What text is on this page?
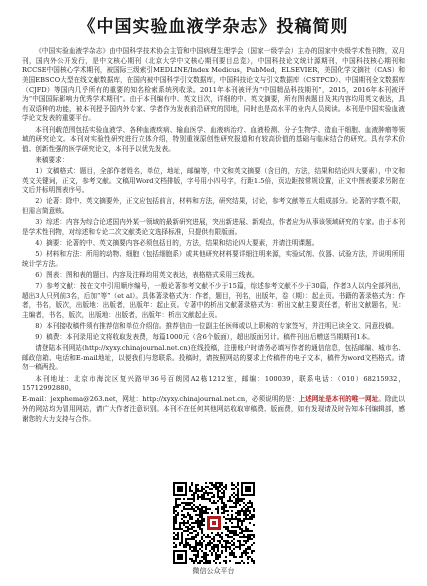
《中国实验血液学杂志》投稿简则

《中国实验血液学杂志》由中国科学技术协会主管和中国病理生理学会（国家一级学会）主办的国家中央级学术性刊物，双月刊，国内外公开发行，是中文核心期刊（北京大学中文核心期刊要目总览），中国科技论文统计源期刊，中国科技核心期刊和RCCSE中国核心学术期刊，被国际三级索引MEDLINE/Index Medicus，PubMed，ELSEVIER，美国化学文摘社（CAS）和美国EBSCO大型在线文献数据库，在国内被中国科学引文数据库，中国科技论文与引文数据库（CSTPCD）、中国期刊全文数据库（CJFD）等国内几乎所有的重要的知名检索系统列收录。2011年本刊被评为“中国精品科技期刊”，2015，2016年本刊被评为“中国国际影响力优秀学术期刊”。由于本刊编有中、英文目次，详细的中、英文摘要，所有图表题目及其内容均用英文表达，具有双语种的功能，被本刊授予国内外专家、学者作为发表前沿研究的园地，同时也是高水平的业内人员阅读。本刊是中国实验血液学论文发表的重要平台。

本刊刊载范围包括实验血液学、各种血液疾病、输血医学、血液病治疗、血液检测、分子生物学、造血干细胞、血液肿瘤等领域的研究论文。本刊对实验性研究进行立体介绍，特别重视原创性研究报道和有较高价值的基础与临床结合的研究。具有学术价值、创新性强的医学研究论文，本刊予以优先发表。

来稿要求：

1）文稿格式：题目，全部作者姓名，单位，地址，邮编等，中文和英文摘要（含目的，方法，结果和结论四大要素），中文和英文关键词，正文，参考文献。文稿用Word文档排版，字号用小四号字，行距1.5倍，页边距按常规设置，正文中图表要求另附在文后并标明图表序号。

2）论著：除中、英文摘要外，正文应包括前言，材料和方法，研究结果，讨论，参考文献等五大组成部分。论著的字数不限，但需言简意赅。

3）综述：内容为综合论述国内外某一领域的最新研究进展，突出新进展、新观点，作者应为从事该领域研究的专家。由于本刊是学术性刊物，对综述和专论二次文献类论文选择标准，只提供有限版面。

4）摘要：论著的中、英文摘要内容必须包括目的，方法，结果和结论四大要素，并请注明课题。

5）材料和方法：所用的动物、细胞（包括细胞系）或其他研究材料要详细注明来源，实验试剂、仪器、试验方法，并说明所用统计学方法。

6）图表：图和表的题目、内容及注释均用英文表达，表格格式采用三线表。

7）参考文献：按在文中引用顺序编号，一般论著参考文献不少于15篇，综述参考文献不少于30篇，作者3人以内全部列出，超出3人只列前3名，后加“等”（et al）。具体著录格式为：作者，题目，刊名，出版年，卷（期）：起止页。书籍的著录格式为：作者，书名，版次，出版地：出版者，出版年：起止页。专著中的析出文献著录格式为：析出文献主要责任者，析出文献题名，见：主编者，书名，版次，出版地：出版者，出版年：析出文献起止页。

8）本刊接收稿件须有推荐信和单位介绍信。推荐信由一位副主任医师或以上职称的专家签写，并注明已读全文、同意投稿。

9）稿费：本刊录用论文将收取发表费，每篇1000元（含6个版面），超出版面另计。稿件刊出后赠送当期期刊1本。

请登陆本刊网站(http://xyxy.chinajournal.net.cn)在线投稿，注册账户时请务必填写作者的通信信息，包括邮编、城市名、邮政信箱、电话和E-mail地址，以便我们与您联系。投稿时，请按照网站的要求上传稿件的电子文本，稿件为word文档格式。请勿一稿两投。

本刊地址：北京市海淀区复兴路甲36号百朗园A2栋1212室，邮编：100039，联系电话：（010）68215932，15712992880。

E-mail：jexphema@263.net，网址：http://xyxy.chinajournal.net.cn，必须说明的是：上述网址是本刊的唯一网址。除此以外的网站均为冒用网站，请广大作者注意识别。本刊不在任何其他网站收取审稿费、版面费，如有发现请及时告知本刊编辑部，感谢您的大力支持与合作。

微信公众平台
